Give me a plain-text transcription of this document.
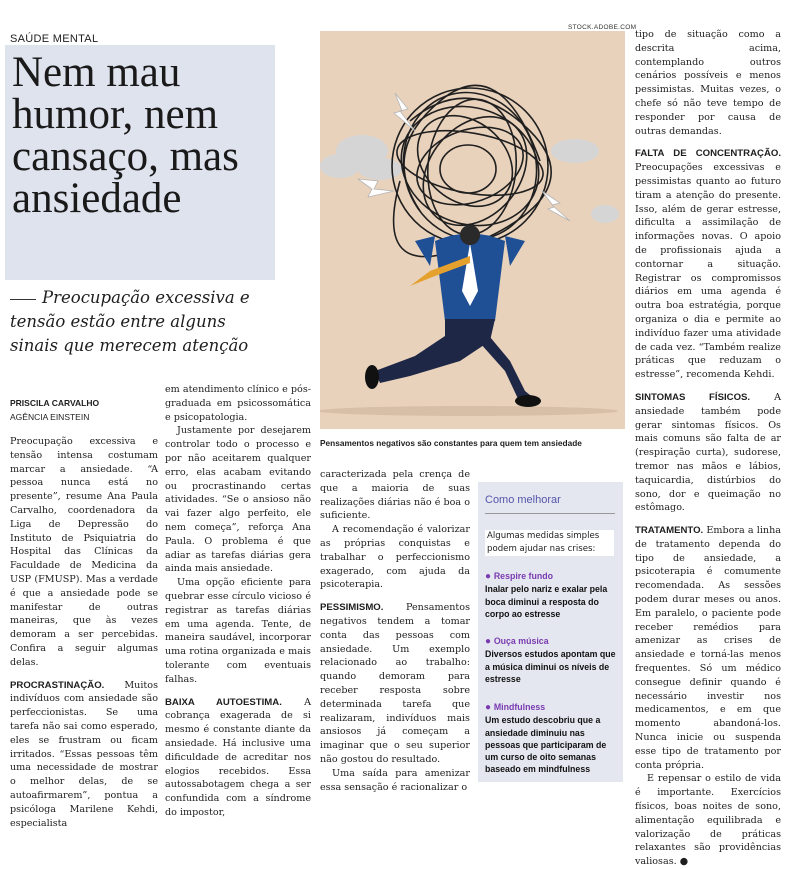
SAÚDE MENTAL
Nem mau humor, nem cansaço, mas ansiedade
Preocupação excessiva e tensão estão entre alguns sinais que merecem atenção
PRISCILA CARVALHO
AGÊNCIA EINSTEIN

Preocupação excessiva e tensão intensa costumam marcar a ansiedade. “A pessoa nunca está no presente”, resume Ana Paula Carvalho, coordenadora da Liga de Depressão do Instituto de Psiquiatria do Hospital das Clínicas da Faculdade de Medicina da USP (FMUSP). Mas a verdade é que a ansiedade pode se manifestar de outras maneiras, que às vezes demoram a ser percebidas. Confira a seguir algumas delas.

PROCRASTINAÇÃO. Muitos indivíduos com ansiedade são perfeccionistas. Se uma tarefa não sai como esperado, eles se frustram ou ficam irritados. “Essas pessoas têm uma necessidade de mostrar o melhor delas, de se autoafirmarem”, pontua a psicóloga Marilene Kehdi, especialista

em atendimento clínico e pós-graduada em psicossomática e psicopatologia.

Justamente por desejarem controlar todo o processo e por não aceitarem qualquer erro, elas acabam evitando ou procrastinando certas atividades. “Se o ansioso não vai fazer algo perfeito, ele nem começa”, reforça Ana Paula. O problema é que adiar as tarefas diárias gera ainda mais ansiedade.

Uma opção eficiente para quebrar esse círculo vicioso é registrar as tarefas diárias em uma agenda. Tente, de maneira saudável, incorporar uma rotina organizada e mais tolerante com eventuais falhas.

BAIXA AUTOESTIMA. A cobrança exagerada de si mesmo é constante diante da ansiedade. Há inclusive uma dificuldade de acreditar nos elogios recebidos. Essa autossabotagem chega a ser confundida com a síndrome do impostor,

STOCK.ADOBE.COM
Pensamentos negativos são constantes para quem tem ansiedade

caracterizada pela crença de que a maioria de suas realizações diárias não é boa o suficiente.

A recomendação é valorizar as próprias conquistas e trabalhar o perfeccionismo exagerado, com ajuda da psicoterapia.

PESSIMISMO. Pensamentos negativos tendem a tomar conta das pessoas com ansiedade. Um exemplo relacionado ao trabalho: quando demoram para receber resposta sobre determinada tarefa que realizaram, indivíduos mais ansiosos já começam a imaginar que o seu superior não gostou do resultado.

Uma saída para amenizar essa sensação é racionalizar o

Como melhorar
Algumas medidas simples podem ajudar nas crises:
● Respire fundo
Inalar pelo nariz e exalar pela boca diminui a resposta do corpo ao estresse
● Ouça música
Diversos estudos apontam que a música diminui os níveis de estresse
● Mindfulness
Um estudo descobriu que a ansiedade diminuiu nas pessoas que participaram de um curso de oito semanas baseado em mindfulness

tipo de situação como a descrita acima, contemplando outros cenários possíveis e menos pessimistas. Muitas vezes, o chefe só não teve tempo de responder por causa de outras demandas.

FALTA DE CONCENTRAÇÃO. Preocupações excessivas e pessimistas quanto ao futuro tiram a atenção do presente. Isso, além de gerar estresse, dificulta a assimilação de informações novas. O apoio de profissionais ajuda a contornar a situação. Registrar os compromissos diários em uma agenda é outra boa estratégia, porque organiza o dia e permite ao indivíduo fazer uma atividade de cada vez. “Também realize práticas que reduzam o estresse”, recomenda Kehdi.

SINTOMAS FÍSICOS. A ansiedade também pode gerar sintomas físicos. Os mais comuns são falta de ar (respiração curta), sudorese, tremor nas mãos e lábios, taquicardia, distúrbios do sono, dor e queimação no estômago.

TRATAMENTO. Embora a linha de tratamento dependa do tipo de ansiedade, a psicoterapia é comumente recomendada. As sessões podem durar meses ou anos. Em paralelo, o paciente pode receber remédios para amenizar as crises de ansiedade e torná-las menos frequentes. Só um médico consegue definir quando é necessário investir nos medicamentos, e em que momento abandoná-los. Nunca inicie ou suspenda esse tipo de tratamento por conta própria.

E repensar o estilo de vida é importante. Exercícios físicos, boas noites de sono, alimentação equilibrada e valorização de práticas relaxantes são providências valiosas. ●
